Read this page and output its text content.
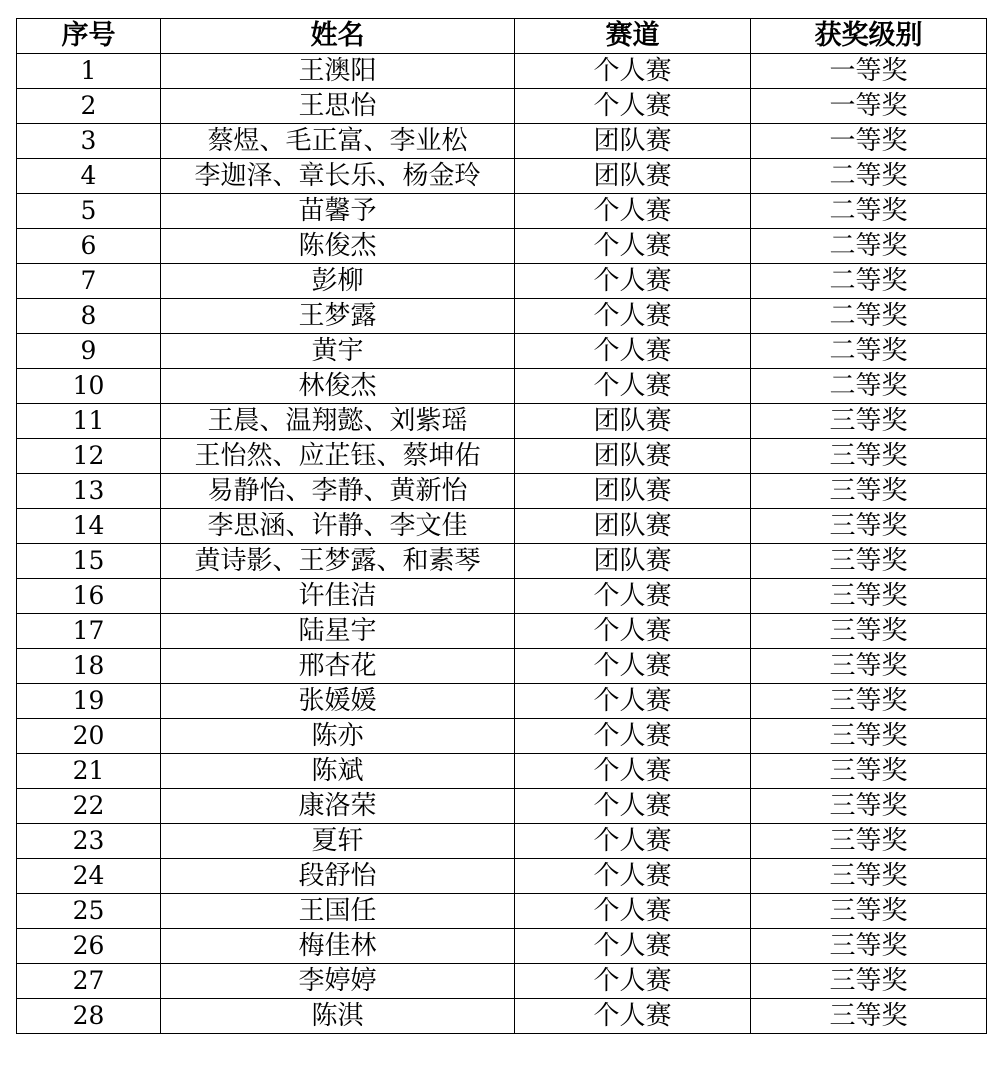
序号	姓名	赛道	获奖级别
1	王澳阳	个人赛	一等奖
2	王思怡	个人赛	一等奖
3	蔡煜、毛正富、李业松	团队赛	一等奖
4	李迦泽、章长乐、杨金玲	团队赛	二等奖
5	苗馨予	个人赛	二等奖
6	陈俊杰	个人赛	二等奖
7	彭柳	个人赛	二等奖
8	王梦露	个人赛	二等奖
9	黄宇	个人赛	二等奖
10	林俊杰	个人赛	二等奖
11	王晨、温翔懿、刘紫瑶	团队赛	三等奖
12	王怡然、应芷钰、蔡坤佑	团队赛	三等奖
13	易静怡、李静、黄新怡	团队赛	三等奖
14	李思涵、许静、李文佳	团队赛	三等奖
15	黄诗影、王梦露、和素琴	团队赛	三等奖
16	许佳洁	个人赛	三等奖
17	陆星宇	个人赛	三等奖
18	邢杏花	个人赛	三等奖
19	张媛媛	个人赛	三等奖
20	陈亦	个人赛	三等奖
21	陈斌	个人赛	三等奖
22	康洛荣	个人赛	三等奖
23	夏轩	个人赛	三等奖
24	段舒怡	个人赛	三等奖
25	王国任	个人赛	三等奖
26	梅佳林	个人赛	三等奖
27	李婷婷	个人赛	三等奖
28	陈淇	个人赛	三等奖
